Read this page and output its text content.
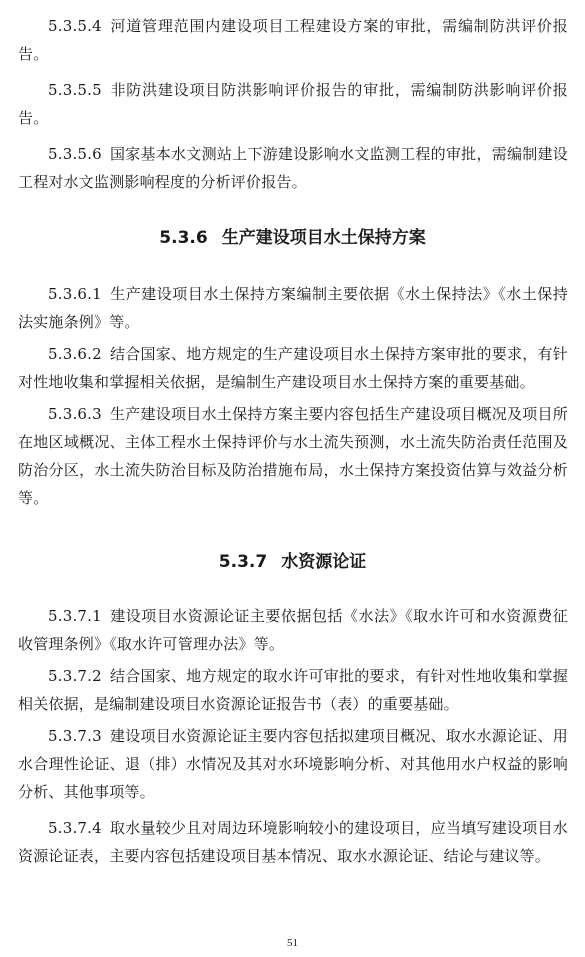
5.3.5.4 河道管理范围内建设项目工程建设方案的审批，需编制防洪评价报告。

5.3.5.5 非防洪建设项目防洪影响评价报告的审批，需编制防洪影响评价报告。

5.3.5.6 国家基本水文测站上下游建设影响水文监测工程的审批，需编制建设工程对水文监测影响程度的分析评价报告。

5.3.6 生产建设项目水土保持方案

5.3.6.1 生产建设项目水土保持方案编制主要依据《水土保持法》《水土保持法实施条例》等。

5.3.6.2 结合国家、地方规定的生产建设项目水土保持方案审批的要求，有针对性地收集和掌握相关依据，是编制生产建设项目水土保持方案的重要基础。

5.3.6.3 生产建设项目水土保持方案主要内容包括生产建设项目概况及项目所在地区域概况、主体工程水土保持评价与水土流失预测，水土流失防治责任范围及防治分区，水土流失防治目标及防治措施布局，水土保持方案投资估算与效益分析等。

5.3.7 水资源论证

5.3.7.1 建设项目水资源论证主要依据包括《水法》《取水许可和水资源费征收管理条例》《取水许可管理办法》等。

5.3.7.2 结合国家、地方规定的取水许可审批的要求，有针对性地收集和掌握相关依据，是编制建设项目水资源论证报告书（表）的重要基础。

5.3.7.3 建设项目水资源论证主要内容包括拟建项目概况、取水水源论证、用水合理性论证、退（排）水情况及其对水环境影响分析、对其他用水户权益的影响分析、其他事项等。

5.3.7.4 取水量较少且对周边环境影响较小的建设项目，应当填写建设项目水资源论证表，主要内容包括建设项目基本情况、取水水源论证、结论与建议等。

51
